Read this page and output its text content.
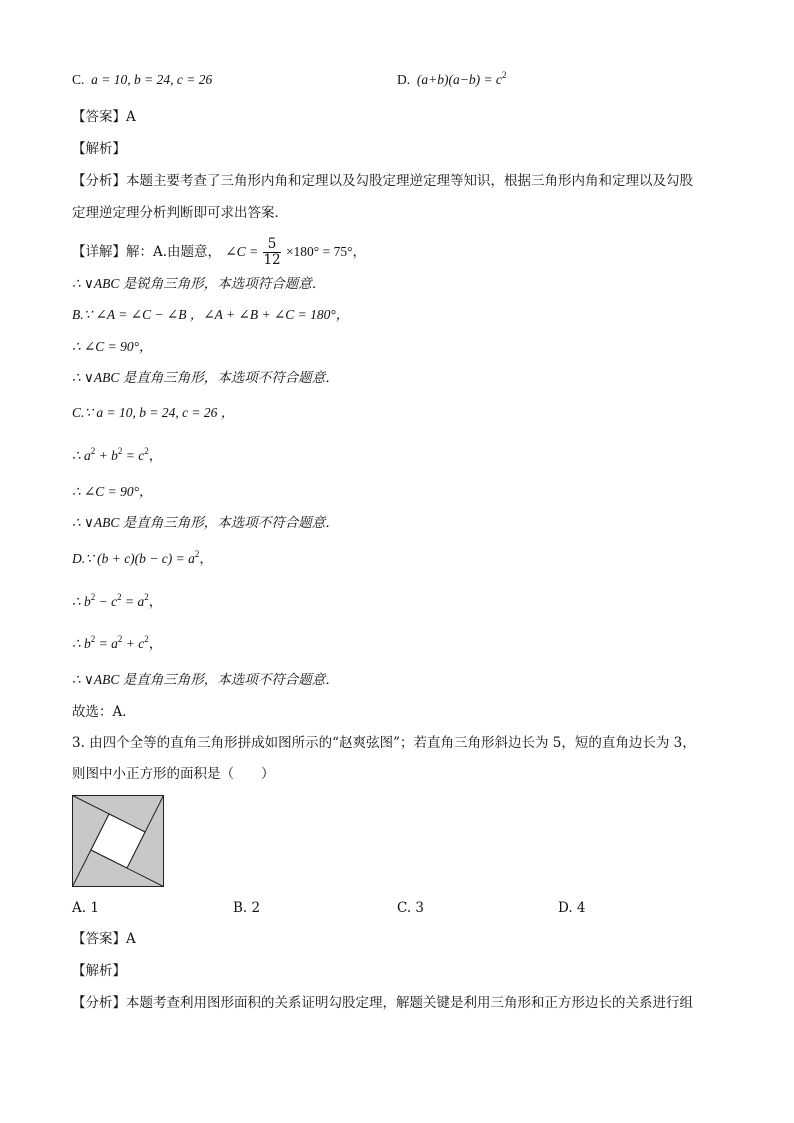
C. a = 10, b = 24, c = 26	D. $(a+b)(a-b) = c^2$
【答案】A
【解析】
【分析】本题主要考查了三角形内角和定理以及勾股定理逆定理等知识，根据三角形内角和定理以及勾股
定理逆定理分析判断即可求出答案．
【详解】解：A.由题意， ∠C = $\frac{5}{12} \times 180^\circ = 75^\circ$，
∴ ∨ABC 是锐角三角形，本选项符合题意．
B.∵ ∠A = ∠C − ∠B ，∠A + ∠B + ∠C = 180°，
∴ ∠C = 90°，
∴ ∨ABC 是直角三角形，本选项不符合题意．
C.∵ a = 10, b = 24, c = 26 ，
∴ $a^2 + b^2 = c^2$，
∴ ∠C = 90°，
∴ ∨ABC 是直角三角形，本选项不符合题意．
D.∵ $(b + c)(b - c) = a^2$，
∴ $b^2 - c^2 = a^2$，
∴ $b^2 = a^2 + c^2$，
∴ ∨ABC 是直角三角形，本选项不符合题意．
故选：A．
3. 由四个全等的直角三角形拼成如图所示的“赵爽弦图”；若直角三角形斜边长为 5，短的直角边长为 3，
则图中小正方形的面积是（　　）
A. 1	B. 2	C. 3	D. 4
【答案】A
【解析】
【分析】本题考查利用图形面积的关系证明勾股定理，解题关键是利用三角形和正方形边长的关系进行组
